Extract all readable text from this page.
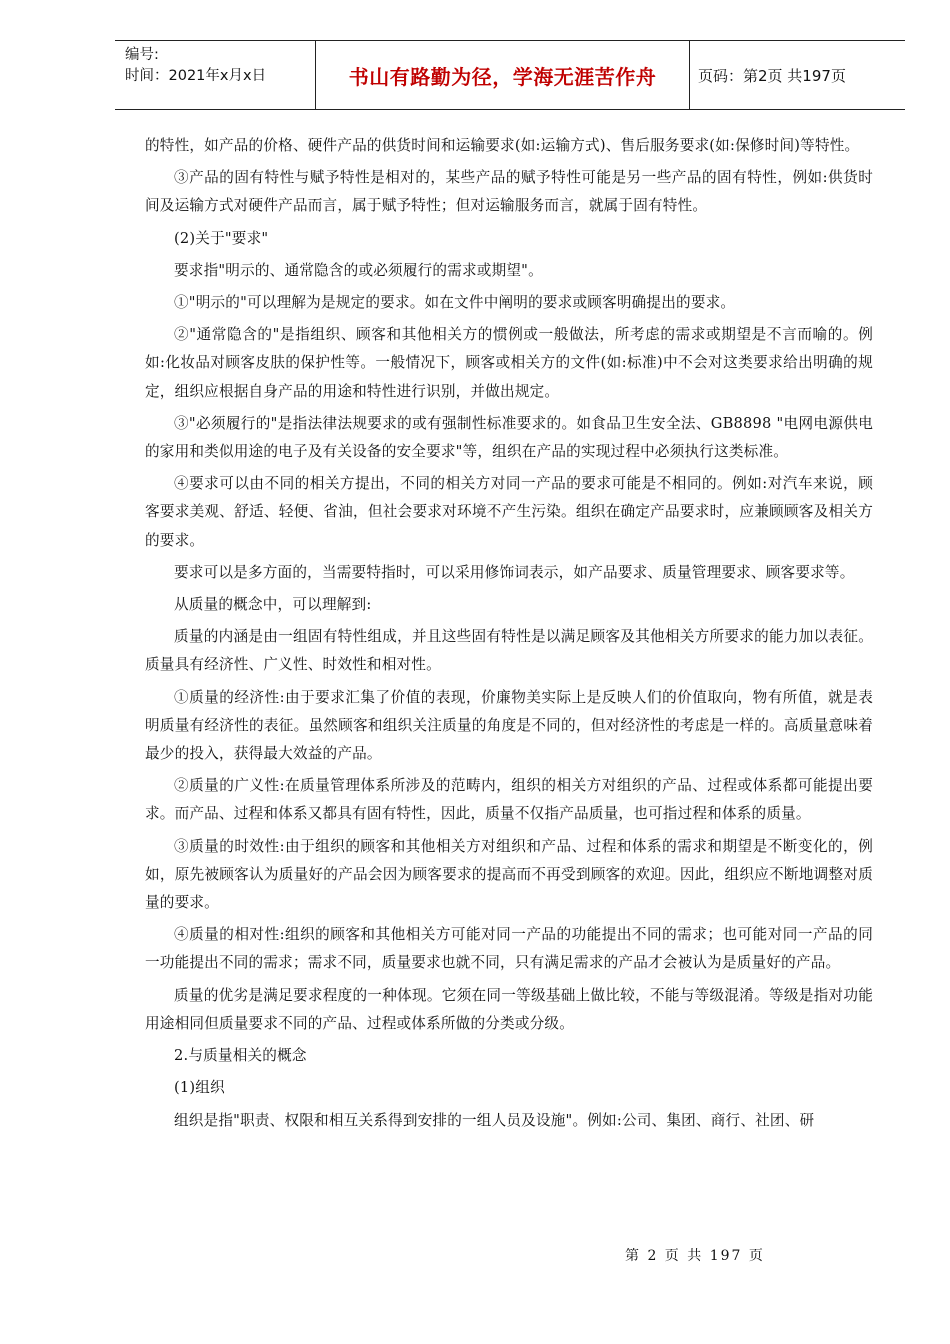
编号:
时间：2021年x月x日	书山有路勤为径，学海无涯苦作舟	页码：第2页 共197页

的特性，如产品的价格、硬件产品的供货时间和运输要求(如:运输方式)、售后服务要求(如:保修时间)等特性。

③产品的固有特性与赋予特性是相对的，某些产品的赋予特性可能是另一些产品的固有特性，例如:供货时间及运输方式对硬件产品而言，属于赋予特性；但对运输服务而言，就属于固有特性。

(2)关于"要求"

要求指"明示的、通常隐含的或必须履行的需求或期望"。

①"明示的"可以理解为是规定的要求。如在文件中阐明的要求或顾客明确提出的要求。

②"通常隐含的"是指组织、顾客和其他相关方的惯例或一般做法，所考虑的需求或期望是不言而喻的。例如:化妆品对顾客皮肤的保护性等。一般情况下，顾客或相关方的文件(如:标准)中不会对这类要求给出明确的规定，组织应根据自身产品的用途和特性进行识别，并做出规定。

③"必须履行的"是指法律法规要求的或有强制性标准要求的。如食品卫生安全法、GB8898 "电网电源供电的家用和类似用途的电子及有关设备的安全要求"等，组织在产品的实现过程中必须执行这类标准。

④要求可以由不同的相关方提出，不同的相关方对同一产品的要求可能是不相同的。例如:对汽车来说，顾客要求美观、舒适、轻便、省油，但社会要求对环境不产生污染。组织在确定产品要求时，应兼顾顾客及相关方的要求。

要求可以是多方面的，当需要特指时，可以采用修饰词表示，如产品要求、质量管理要求、顾客要求等。

从质量的概念中，可以理解到:

质量的内涵是由一组固有特性组成，并且这些固有特性是以满足顾客及其他相关方所要求的能力加以表征。质量具有经济性、广义性、时效性和相对性。

①质量的经济性:由于要求汇集了价值的表现，价廉物美实际上是反映人们的价值取向，物有所值，就是表明质量有经济性的表征。虽然顾客和组织关注质量的角度是不同的，但对经济性的考虑是一样的。高质量意味着最少的投入，获得最大效益的产品。

②质量的广义性:在质量管理体系所涉及的范畴内，组织的相关方对组织的产品、过程或体系都可能提出要求。而产品、过程和体系又都具有固有特性，因此，质量不仅指产品质量，也可指过程和体系的质量。

③质量的时效性:由于组织的顾客和其他相关方对组织和产品、过程和体系的需求和期望是不断变化的，例如，原先被顾客认为质量好的产品会因为顾客要求的提高而不再受到顾客的欢迎。因此，组织应不断地调整对质量的要求。

④质量的相对性:组织的顾客和其他相关方可能对同一产品的功能提出不同的需求；也可能对同一产品的同一功能提出不同的需求；需求不同，质量要求也就不同，只有满足需求的产品才会被认为是质量好的产品。

质量的优劣是满足要求程度的一种体现。它须在同一等级基础上做比较，不能与等级混淆。等级是指对功能用途相同但质量要求不同的产品、过程或体系所做的分类或分级。

2.与质量相关的概念

(1)组织

组织是指"职责、权限和相互关系得到安排的一组人员及设施"。例如:公司、集团、商行、社团、研

第 2 页 共 197 页
